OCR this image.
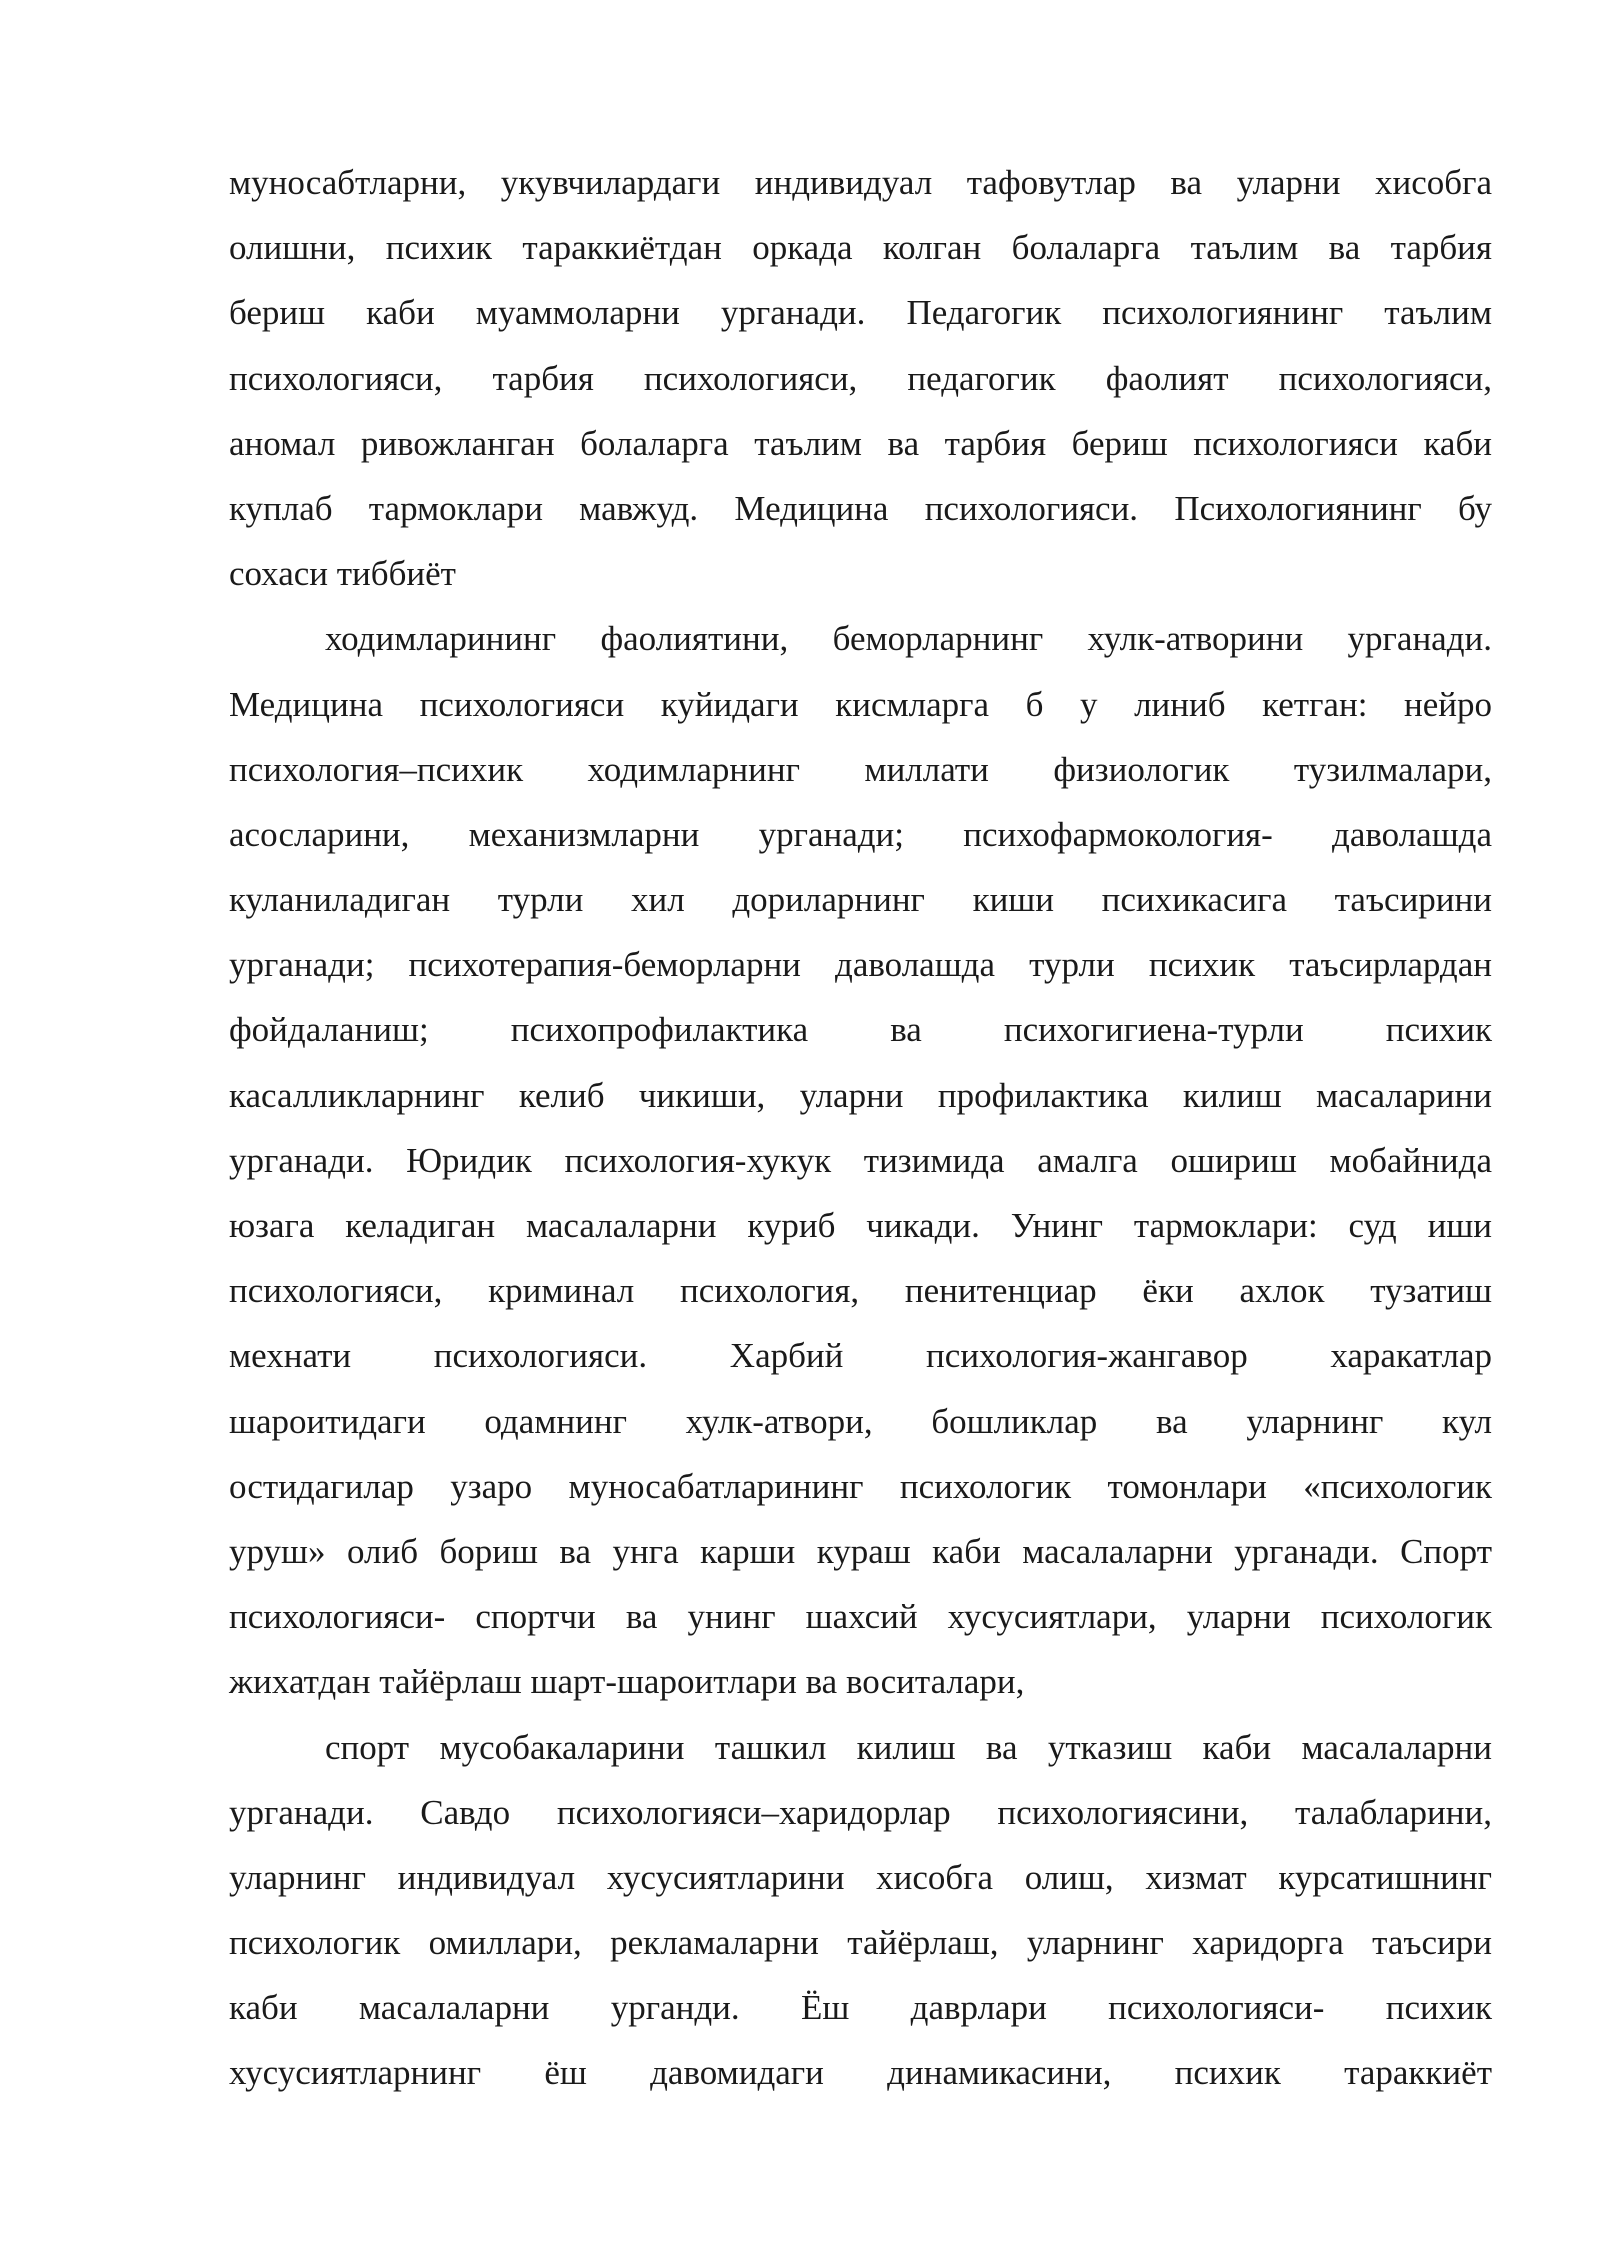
муносабтларни, укувчилардаги индивидуал тафовутлар ва уларни хисобга
олишни, психик тараккиётдан оркада колган болаларга таълим ва тарбия
бериш каби муаммоларни урганади. Педагогик психологиянинг таълим
психологияси, тарбия психологияси, педагогик фаолият психологияси,
аномал ривожланган болаларга таълим ва тарбия бериш психологияси каби
куплаб тармоклари мавжуд. Медицина психологияси. Психологиянинг бу
сохаси тиббиёт
ходимларининг фаолиятини, беморларнинг хулк-атворини урганади.
Медицина психологияси куйидаги кисмларга б у линиб кетган: нейро
психология–психик ходимларнинг миллати физиологик тузилмалари,
асосларини, механизмларни урганади; психофармокология- даволашда
куланиладиган турли хил дориларнинг киши психикасига таъсирини
урганади; психотерапия-беморларни даволашда турли психик таъсирлардан
фойдаланиш; психопрофилактика ва психогигиена-турли психик
касалликларнинг келиб чикиши, уларни профилактика килиш масаларини
урганади. Юридик психология-хукук тизимида амалга ошириш мобайнида
юзага келадиган масалаларни куриб чикади. Унинг тармоклари: суд иши
психологияси, криминал психология, пенитенциар ёки ахлок тузатиш
мехнати психологияси. Харбий психология-жангавор харакатлар
шароитидаги одамнинг хулк-атвори, бошликлар ва уларнинг кул
остидагилар узаро муносабатларининг психологик томонлари «психологик
уруш» олиб бориш ва унга карши кураш каби масалаларни урганади. Спорт
психологияси- спортчи ва унинг шахсий хусусиятлари, уларни психологик
жихатдан тайёрлаш шарт-шароитлари ва воситалари,
спорт мусобакаларини ташкил килиш ва утказиш каби масалаларни
урганади. Савдо психологияси–харидорлар психологиясини, талабларини,
уларнинг индивидуал хусусиятларини хисобга олиш, хизмат курсатишнинг
психологик омиллари, рекламаларни тайёрлаш, уларнинг харидорга таъсири
каби масалаларни урганди. Ёш даврлари психологияси- психик
хусусиятларнинг ёш давомидаги динамикасини, психик тараккиёт
